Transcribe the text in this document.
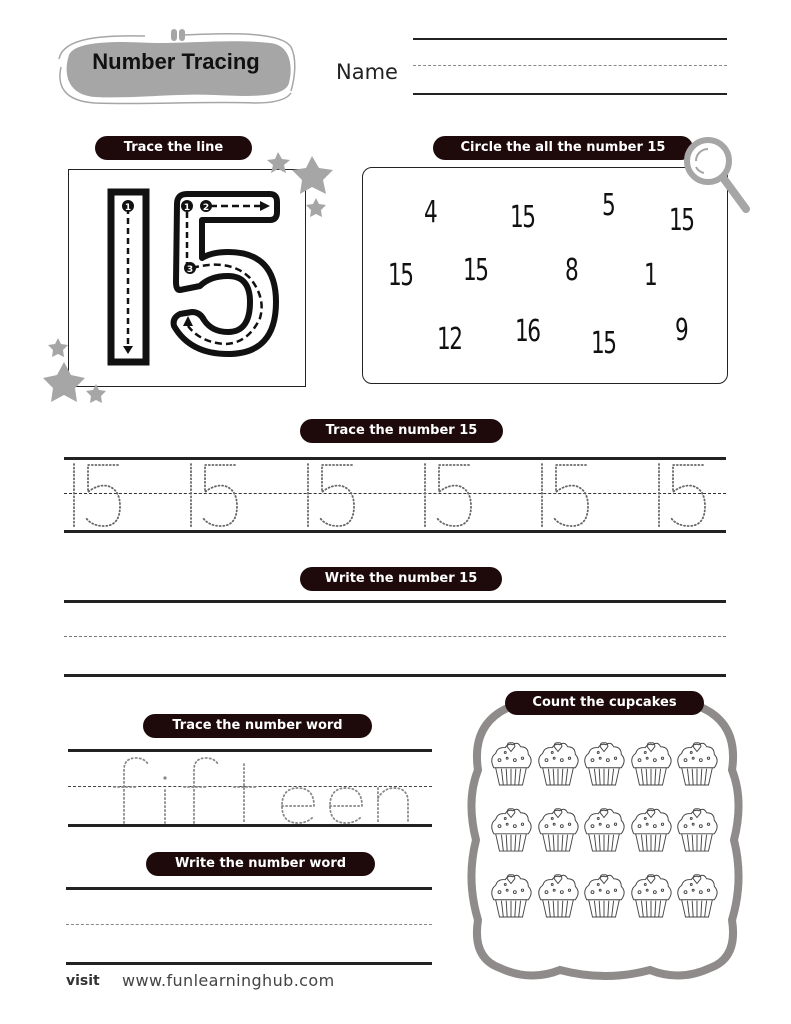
Number Tracing	Name
Trace the line
1	1 2
3
Circle the all the number 15
4 15 5 15
15 15	8 1
12 16 15 9
Trace the number 15
Write the number 15
Trace the number word
Write the number word
Count the cupcakes
visit www.funlearninghub.com
